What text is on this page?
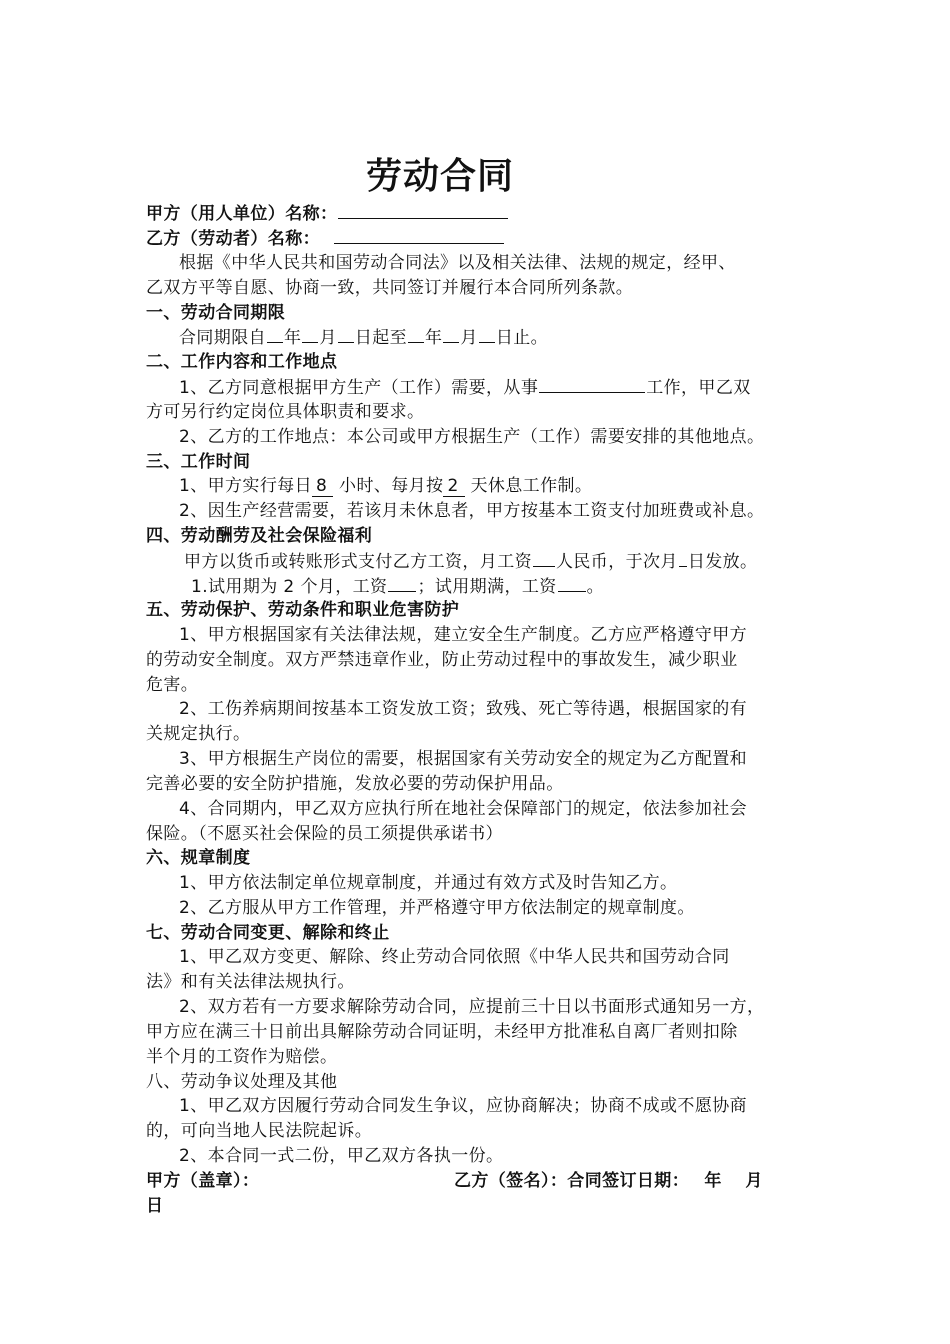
劳动合同
甲方（用人单位）名称：
乙方（劳动者）名称：
根据《中华人民共和国劳动合同法》以及相关法律、法规的规定，经甲、
乙双方平等自愿、协商一致，共同签订并履行本合同所列条款。
一、劳动合同期限
合同期限自 年 月 日起至 年 月 日止。
二、工作内容和工作地点
1、乙方同意根据甲方生产（工作）需要，从事	工作，甲乙双
方可另行约定岗位具体职责和要求。
2、乙方的工作地点：本公司或甲方根据生产（工作）需要安排的其他地点。
三、工作时间
1、甲方实行每日 8 小时、每月按 2 天休息工作制。
2、因生产经营需要，若该月未休息者，甲方按基本工资支付加班费或补息。
四、劳动酬劳及社会保险福利
甲方以货币或转账形式支付乙方工资，月工资 人民币，于次月 日发放。
1.试用期为 2 个月，工资 ；试用期满，工资 。
五、劳动保护、劳动条件和职业危害防护
1、甲方根据国家有关法律法规，建立安全生产制度。乙方应严格遵守甲方
的劳动安全制度。双方严禁违章作业，防止劳动过程中的事故发生，减少职业
危害。
2、工伤养病期间按基本工资发放工资；致残、死亡等待遇，根据国家的有
关规定执行。
3、甲方根据生产岗位的需要，根据国家有关劳动安全的规定为乙方配置和
完善必要的安全防护措施，发放必要的劳动保护用品。
4、合同期内，甲乙双方应执行所在地社会保障部门的规定，依法参加社会
保险。（不愿买社会保险的员工须提供承诺书）
六、规章制度
1、甲方依法制定单位规章制度，并通过有效方式及时告知乙方。
2、乙方服从甲方工作管理，并严格遵守甲方依法制定的规章制度。
七、劳动合同变更、解除和终止
1、甲乙双方变更、解除、终止劳动合同依照《中华人民共和国劳动合同
法》和有关法律法规执行。
2、双方若有一方要求解除劳动合同，应提前三十日以书面形式通知另一方，
甲方应在满三十日前出具解除劳动合同证明，未经甲方批准私自离厂者则扣除
半个月的工资作为赔偿。
八、劳动争议处理及其他
1、甲乙双方因履行劳动合同发生争议，应协商解决；协商不成或不愿协商
的，可向当地人民法院起诉。
2、本合同一式二份，甲乙双方各执一份。
甲方（盖章）：	乙方（签名）：合同签订日期：　 年　 月
日
